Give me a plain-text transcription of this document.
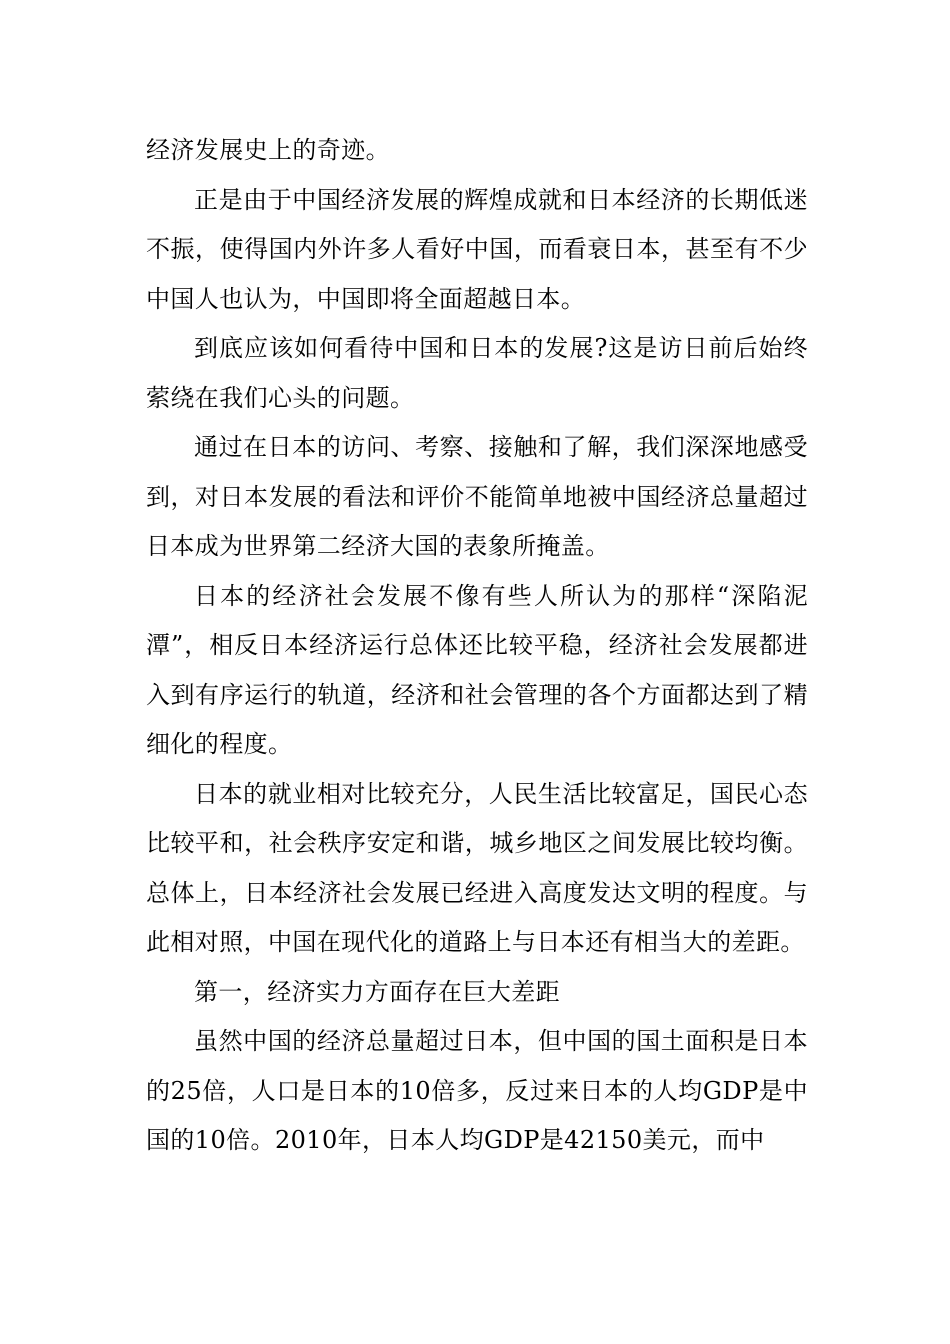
经济发展史上的奇迹。

正是由于中国经济发展的辉煌成就和日本经济的长期低迷不振，使得国内外许多人看好中国，而看衰日本，甚至有不少中国人也认为，中国即将全面超越日本。

到底应该如何看待中国和日本的发展?这是访日前后始终萦绕在我们心头的问题。

通过在日本的访问、考察、接触和了解，我们深深地感受到，对日本发展的看法和评价不能简单地被中国经济总量超过日本成为世界第二经济大国的表象所掩盖。

日本的经济社会发展不像有些人所认为的那样“深陷泥潭”，相反日本经济运行总体还比较平稳，经济社会发展都进入到有序运行的轨道，经济和社会管理的各个方面都达到了精细化的程度。

日本的就业相对比较充分，人民生活比较富足，国民心态比较平和，社会秩序安定和谐，城乡地区之间发展比较均衡。总体上，日本经济社会发展已经进入高度发达文明的程度。与此相对照，中国在现代化的道路上与日本还有相当大的差距。

第一，经济实力方面存在巨大差距

虽然中国的经济总量超过日本，但中国的国土面积是日本的25倍，人口是日本的10倍多，反过来日本的人均GDP是中国的10倍。2010年，日本人均GDP是42150美元，而中
